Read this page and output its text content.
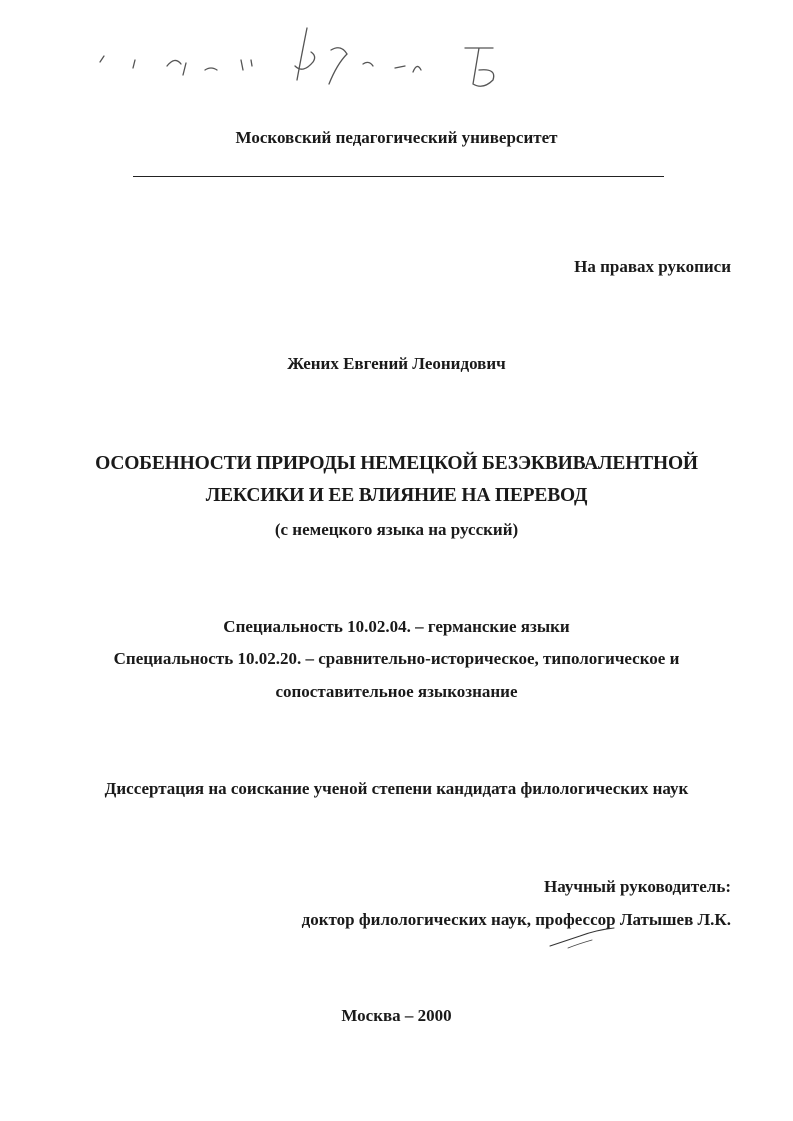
Московский педагогический университет
На правах рукописи
Жених Евгений Леонидович
ОСОБЕННОСТИ ПРИРОДЫ НЕМЕЦКОЙ БЕЗЭКВИВАЛЕНТНОЙ
ЛЕКСИКИ И ЕЕ ВЛИЯНИЕ НА ПЕРЕВОД
(с немецкого языка на русский)
Специальность 10.02.04. – германские языки
Специальность 10.02.20. – сравнительно-историческое, типологическое и
сопоставительное языкознание
Диссертация на соискание ученой степени кандидата филологических наук
Научный руководитель:
доктор филологических наук, профессор Латышев Л.К.
Москва – 2000
